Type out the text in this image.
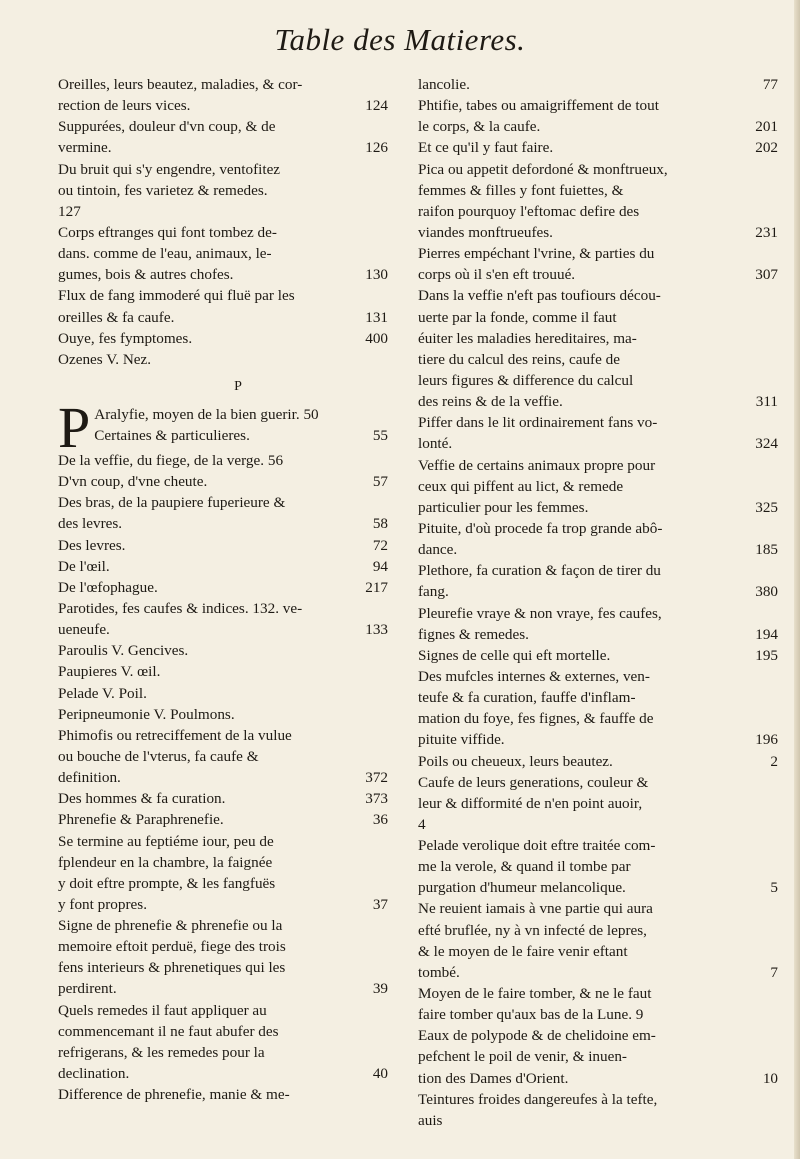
Table des Matieres.
Oreilles, leurs beautez, maladies, & cor-
rection de leurs vices.	124
Suppurées, douleur d'vn coup, & de
vermine.	126
Du bruit qui s'y engendre, ventofitez
ou tintoin, fes varietez & remedes.
127
Corps eftranges qui font tombez de-
dans. comme de l'eau, animaux, le-
gumes, bois & autres chofes.	130
Flux de fang immoderé qui fluë par les
oreilles & fa caufe.	131
Ouye, fes fymptomes.	400
Ozenes V. Nez.
P
P Aralyfie, moyen de la bien guerir. 50
Certaines & particulieres.	55
De la veffie, du fiege, de la verge. 56
D'vn coup, d'vne cheute.	57
Des bras, de la paupiere fuperieure &
des levres.	58
Des levres.	72
De l'œil.	94
De l'œfophague.	217
Parotides, fes caufes & indices. 132. ve-
ueneufe.	133
Paroulis V. Gencives.
Paupieres V. œil.
Pelade V. Poil.
Peripneumonie V. Poulmons.
Phimofis ou retreciffement de la vulue
ou bouche de l'vterus, fa caufe &
definition.	372
Des hommes & fa curation.	373
Phrenefie & Paraphrenefie.	36
Se termine au feptiéme iour, peu de
fplendeur en la chambre, la faignée
y doit eftre prompte, & les fangfuës
y font propres.	37
Signe de phrenefie & phrenefie ou la
memoire eftoit perduë, fiege des trois
fens interieurs & phrenetiques qui les
perdirent.	39
Quels remedes il faut appliquer au
commencemant il ne faut abufer des
refrigerans, & les remedes pour la
declination.	40
Difference de phrenefie, manie & me-
lancolie.	77
Phtifie, tabes ou amaigriffement de tout
le corps, & la caufe.	201
Et ce qu'il y faut faire.	202
Pica ou appetit defordoné & monftrueux,
femmes & filles y font fuiettes, &
raifon pourquoy l'eftomac defire des
viandes monftrueufes.	231
Pierres empéchant l'vrine, & parties du
corps où il s'en eft trouué.	307
Dans la veffie n'eft pas toufiours décou-
uerte par la fonde, comme il faut
éuiter les maladies hereditaires, ma-
tiere du calcul des reins, caufe de
leurs figures & difference du calcul
des reins & de la veffie.	311
Piffer dans le lit ordinairement fans vo-
lonté.	324
Veffie de certains animaux propre pour
ceux qui piffent au lict, & remede
particulier pour les femmes.	325
Pituite, d'où procede fa trop grande abô-
dance.	185
Plethore, fa curation & façon de tirer du
fang.	380
Pleurefie vraye & non vraye, fes caufes,
fignes & remedes.	194
Signes de celle qui eft mortelle.	195
Des mufcles internes & externes, ven-
teufe & fa curation, fauffe d'inflam-
mation du foye, fes fignes, & fauffe de
pituite viffide.	196
Poils ou cheueux, leurs beautez.	2
Caufe de leurs generations, couleur &
leur & difformité de n'en point auoir,
4
Pelade verolique doit eftre traitée com-
me la verole, & quand il tombe par
purgation d'humeur melancolique.	5
Ne reuient iamais à vne partie qui aura
efté bruflée, ny à vn infecté de lepres,
& le moyen de le faire venir eftant
tombé.	7
Moyen de le faire tomber, & ne le faut
faire tomber qu'aux bas de la Lune. 9
Eaux de polypode & de chelidoine em-
pefchent le poil de venir, & inuen-
tion des Dames d'Orient.	10
Teintures froides dangereufes à la tefte,
auis
